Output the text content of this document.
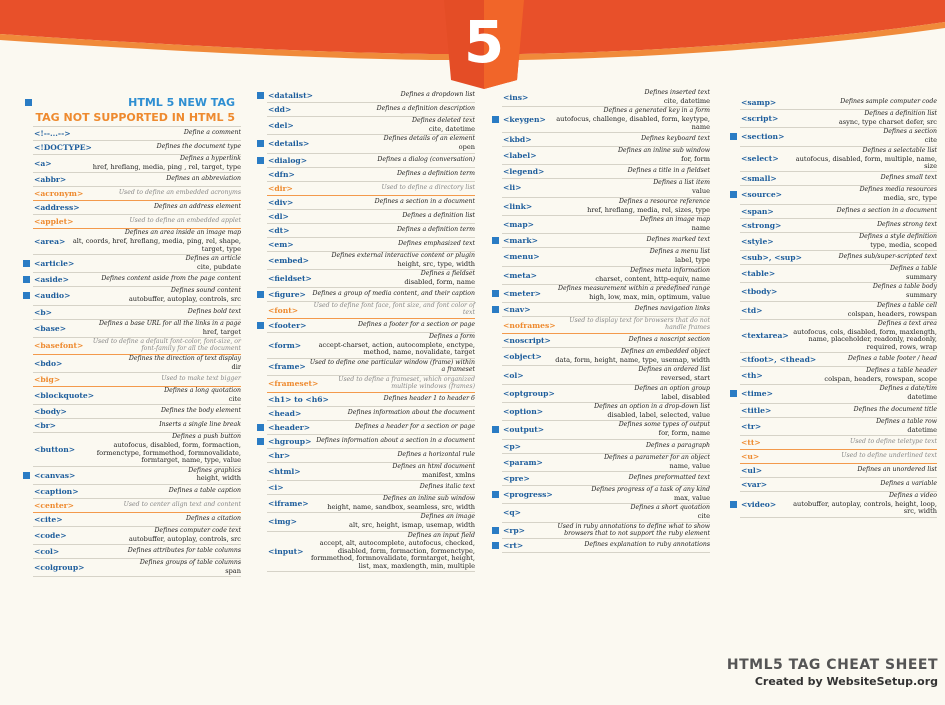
5
HTML 5 NEW TAG
TAG NOT SUPPORTED IN HTML 5
<!--...-->	Define a comment
<!DOCTYPE>	Defines the document type
<a>
Defines a hyperlink
href, hreflang, media, ping , rel, target, type
<abbr>	Defines an abbreviation
<acronym>	Used to define an embedded acronyms
<address>	Defines an address element
<applet>	Used to define an embedded applet
<area>
Defines an area inside an image map
alt, coords, href, hreflang, media, ping, rel, shape, target, type
<article>
Defines an article
cite, pubdate
<aside>	Defines content aside from the page content
<audio>
Defines sound content
autobuffer, autoplay, controls, src
<b>	Defines bold text
<base>
Defines a base URL for all the links in a page
href, target
<basefont>	Used to define a default font-color, font-size, or font-family for all the document
<bdo>
Defines the direction of text display
dir
<big>	Used to make text bigger
<blockquote>
Defines a long quotation
cite
<body>	Defines the body element
<br>	Inserts a single line break
<button>
Defines a push button
autofocus, disabled, form, formaction, formenctype, formmethod, formnovalidate, formtarget, name, type, value
<canvas>
Defines graphics
height, width
<caption>	Defines a table caption
<center>	Used to center align text and content
<cite>	Defines a citation
<code>
Defines computer code text
autobuffer, autoplay, controls, src
<col>	Defines attributes for table columns
<colgroup>
Defines groups of table columns
span
<datalist>	Defines a dropdown list
<dd>	Defines a definition description
<del>
Defines deleted text
cite, datetime
<details>
Defines details of an element
open
<dialog>	Defines a dialog (conversation)
<dfn>	Defines a definition term
<dir>	Used to define a directory list
<div>	Defines a section in a document
<dl>	Defines a definition list
<dt>	Defines a definition term
<em>	Defines emphasized text
<embed>
Defines external interactive content or plugin
height, src, type, width
<fieldset>
Defines a fieldset
disabled, form, name
<figure>	Defines a group of media content, and their caption
<font>	Used to define font face, font size, and font color of text
<footer>	Defines a footer for a section or page
<form>
Defines a form
accept-charset, action, autocomplete, enctype, method, name, novalidate, target
<frame> Used to define one particular window (frame) within a frameset
<frameset>	Used to define a frameset, which organized multiple windows (frames)
<h1> to <h6>	Defines header 1 to header 6
<head>	Defines information about the document
<header>	Defines a header for a section or page
<hgroup> Defines information about a section in a document
<hr>	Defines a horizontal rule
<html>
Defines an html document
manifest, xmlns
<i>	Defines italic text
<iframe>
Defines an inline sub window
height, name, sandbox, seamless, src, width
<img>
Defines an image
alt, src, height, ismap, usemap, width
<input>
Defines an input field
accept, alt, autocomplete, autofocus, checked, disabled, form, formaction, formenctype, formmethod, formnovalidate, formtarget, height, list, max, maxlength, min, multiple
<ins>
Defines inserted text
cite, datetime
<keygen>
Defines a generated key in a form
autofocus, challenge, disabled, form, keytype, name
<kbd>	Defines keyboard text
<label>
Defines an inline sub window
for, form
<legend>	Defines a title in a fieldset
<li>
Defines a list item
value
<link>
Defines a resource reference
href, hreflang, media, rel, sizes, type
<map>
Defines an image map
name
<mark>	Defines marked text
<menu>
Defines a menu list
label, type
<meta>
Defines meta information
charset, content, http-equiv, name
<meter>
Defines measurement within a predefined range
high, low, max, min, optimum, value
<nav>	Defines navigation links
<noframes>	Used to display text for browsers that do not handle frames
<noscript>	Defines a noscript section
<object>
Defines an embedded object
data, form, height, name, type, usemap, width
<ol>
Defines an ordered list
reversed, start
<optgroup>
Defines an option group
label, disabled
<option>
Defines an option in a drop-down list
disabled, label, selected, value
<output>
Defines some types of output
for, form, name
<p>	Defines a paragraph
<param>
Defines a parameter for an object
name, value
<pre>	Defines preformatted text
<progress>
Defines progress of a task of any kind
max, value
<q>
Defines a short quotation
cite
<rp>	Used in ruby annotations to define what to show browsers that to not support the ruby element
<rt>	Defines explanation to ruby annotations
<samp>	Defines sample computer code
<script>
Defines a definition list
async, type charset defer, src
<section>
Defines a section
cite
<select>
Defines a selectable list
autofocus, disabled, form, multiple, name, size
<small>	Defines small text
<source>
Defines media resources
media, src, type
<span>	Defines a section in a document
<strong>	Defines strong text
<style>
Defines a style definition
type, media, scoped
<sub>, <sup>	Defines sub/super-scripted text
<table>
Defines a table
summary
<tbody>
Defines a table body
summary
<td>
Defines a table cell
colspan, headers, rowspan
<textarea>
Defines a text area
autofocus, cols, disabled, form, maxlength, name, placeholder, readonly, readonly, required, rows, wrap
<tfoot>, <thead>	Defines a table footer / head
<th>
Defines a table header
colspan, headers, rowspan, scope
<time>
Defines a date/tim
datetime
<title>	Defines the document title
<tr>
Defines a table row
datetime
<tt>	Used to define teletype text
<u>	Used to define underlined text
<ul>	Defines an unordered list
<var>	Defines a variable
<video>
Defines a video
autobuffer, autoplay, controls, height, loop, src, width
HTML5 TAG CHEAT SHEET
Created by WebsiteSetup.org
